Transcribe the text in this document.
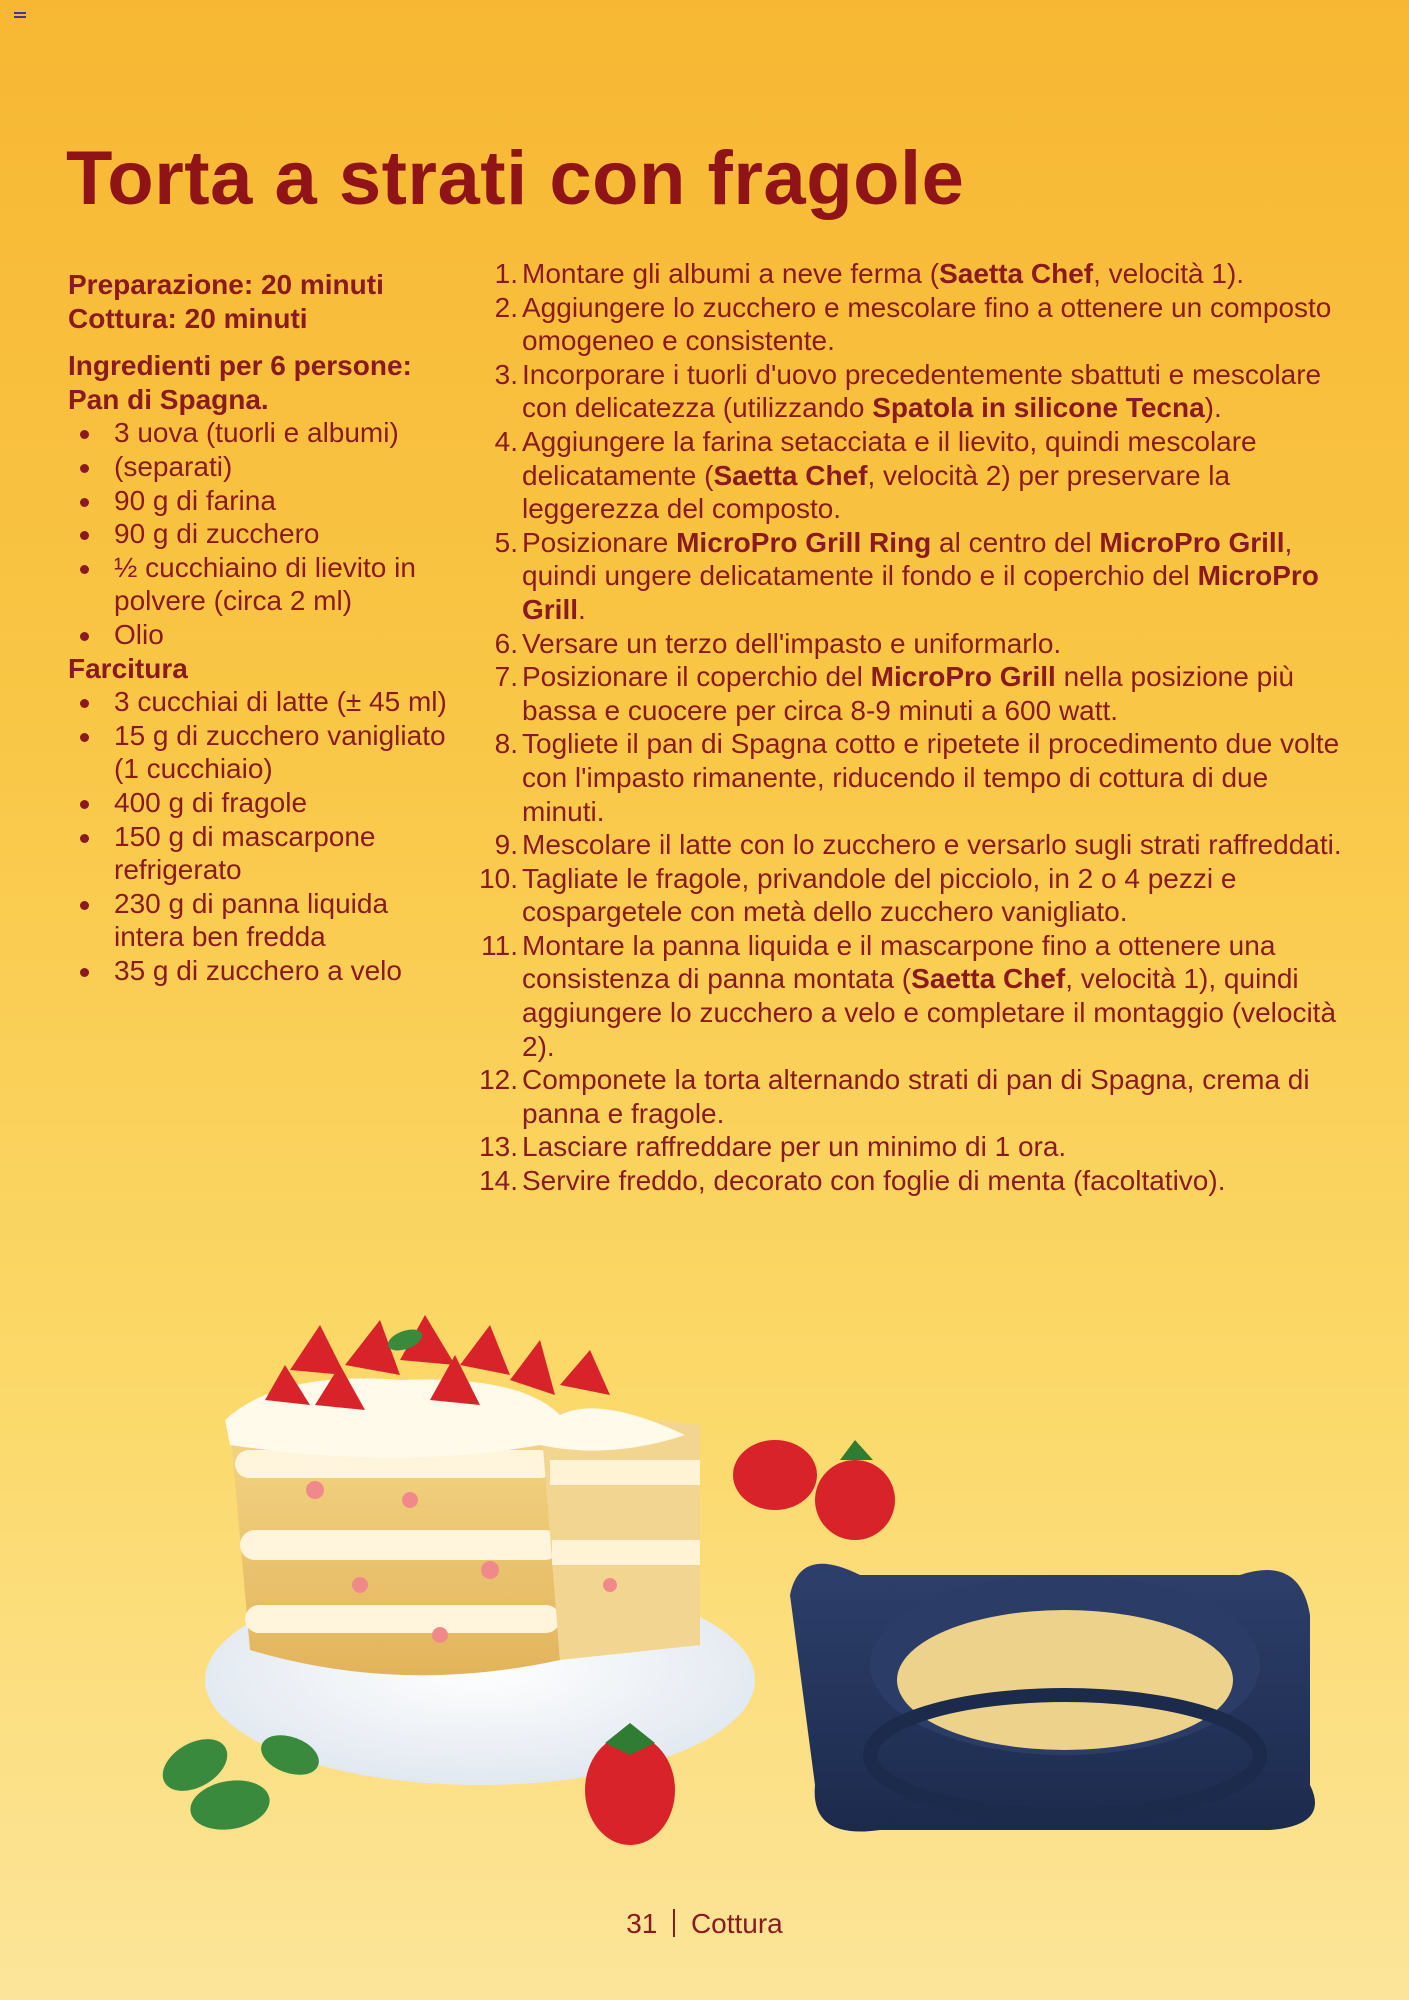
Torta a strati con fragole
Preparazione: 20 minuti
Cottura: 20 minuti
Ingredienti per 6 persone:
Pan di Spagna.
3 uova (tuorli e albumi)
(separati)
90 g di farina
90 g di zucchero
½ cucchiaino di lievito in polvere (circa 2 ml)
Olio
Farcitura
3 cucchiai di latte (± 45 ml)
15 g di zucchero vanigliato (1 cucchiaio)
400 g di fragole
150 g di mascarpone refrigerato
230 g di panna liquida intera ben fredda
35 g di zucchero a velo
1. Montare gli albumi a neve ferma (Saetta Chef, velocità 1).
2. Aggiungere lo zucchero e mescolare fino a ottenere un composto omogeneo e consistente.
3. Incorporare i tuorli d'uovo precedentemente sbattuti e mescolare con delicatezza (utilizzando Spatola in silicone Tecna).
4. Aggiungere la farina setacciata e il lievito, quindi mescolare delicatamente (Saetta Chef, velocità 2) per preservare la leggerezza del composto.
5. Posizionare MicroPro Grill Ring al centro del MicroPro Grill, quindi ungere delicatamente il fondo e il coperchio del MicroPro Grill.
6. Versare un terzo dell'impasto e uniformarlo.
7. Posizionare il coperchio del MicroPro Grill nella posizione più bassa e cuocere per circa 8-9 minuti a 600 watt.
8. Togliete il pan di Spagna cotto e ripetete il procedimento due volte con l'impasto rimanente, riducendo il tempo di cottura di due minuti.
9. Mescolare il latte con lo zucchero e versarlo sugli strati raffreddati.
10. Tagliate le fragole, privandole del picciolo, in 2 o 4 pezzi e cospargetele con metà dello zucchero vanigliato.
11. Montare la panna liquida e il mascarpone fino a ottenere una consistenza di panna montata (Saetta Chef, velocità 1), quindi aggiungere lo zucchero a velo e completare il montaggio (velocità 2).
12. Componete la torta alternando strati di pan di Spagna, crema di panna e fragole.
13. Lasciare raffreddare per un minimo di 1 ora.
14. Servire freddo, decorato con foglie di menta (facoltativo).
31 Cottura
